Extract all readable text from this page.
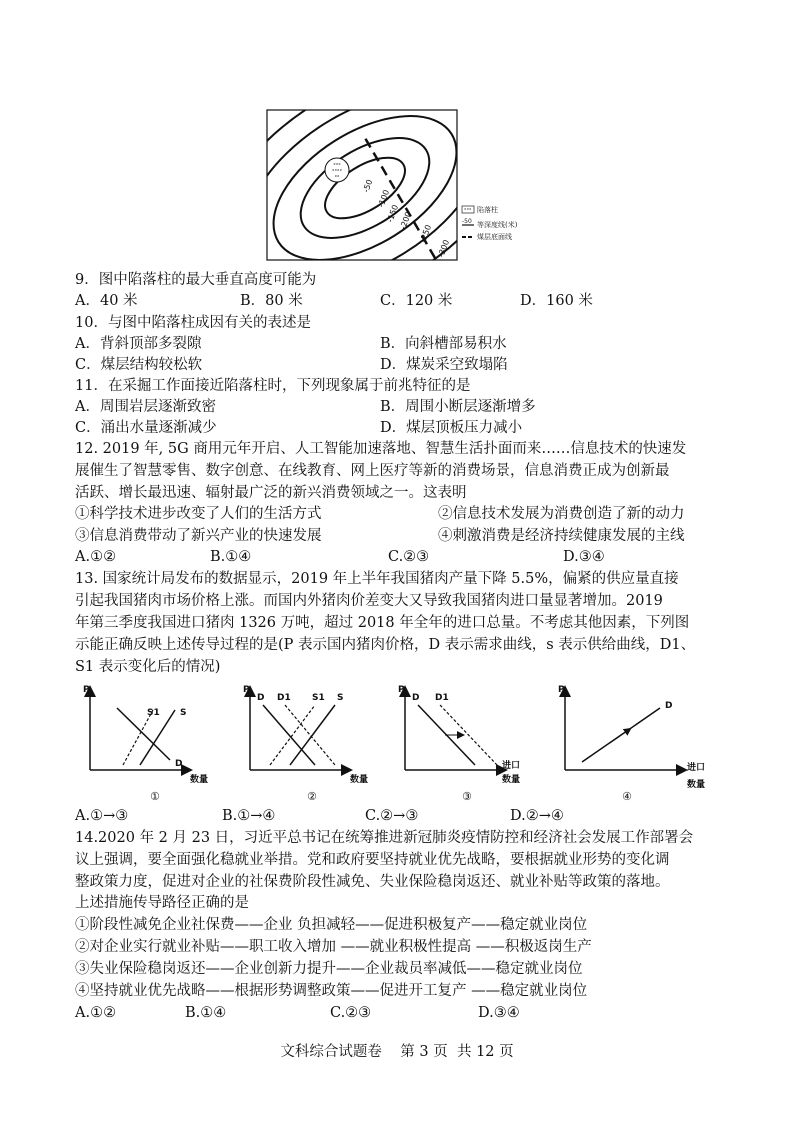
°°°
°°°°
°°
-50
-100
-150
-200
-250
-300
°°° 陷落柱
-50 等深度线(米)
煤层底面线
9．图中陷落柱的最大垂直高度可能为
A．40 米	B．80 米	C．120 米	D．160 米
10．与图中陷落柱成因有关的表述是
A．背斜顶部多裂隙	B．向斜槽部易积水
C．煤层结构较松软	D．煤炭采空致塌陷
11．在采掘工作面接近陷落柱时，下列现象属于前兆特征的是
A．周围岩层逐渐致密	B．周围小断层逐渐增多
C．涌出水量逐渐减少	D．煤层顶板压力减小
12. 2019 年, 5G 商用元年开启、人工智能加速落地、智慧生活扑面而来……信息技术的快速发
展催生了智慧零售、数字创意、在线教育、网上医疗等新的消费场景，信息消费正成为创新最
活跃、增长最迅速、辐射最广泛的新兴消费领域之一。这表明
①科学技术进步改变了人们的生活方式	②信息技术发展为消费创造了新的动力
③信息消费带动了新兴产业的快速发展	④刺激消费是经济持续健康发展的主线
A.①②	B.①④	C.②③	D.③④
13. 国家统计局发布的数据显示，2019 年上半年我国猪肉产量下降 5.5%，偏紧的供应量直接
引起我国猪肉市场价格上涨。而国内外猪肉价差变大又导致我国猪肉进口量显著增加。2019
年第三季度我国进口猪肉 1326 万吨，超过 2018 年全年的进口总量。不考虑其他因素，下列图
示能正确反映上述传导过程的是(P 表示国内猪肉价格，D 表示需求曲线，s 表示供给曲线，D1、
S1 表示变化后的情况)
P
数量
S1 S
D
①
P
数量
D D1 S1 S
②
P
进口
数量
D D1
③
P
进口
数量
D
④
A.①→③	B.①→④	C.②→③	D.②→④
14.2020 年 2 月 23 日，习近平总书记在统筹推进新冠肺炎疫情防控和经济社会发展工作部署会
议上强调，要全面强化稳就业举措。党和政府要坚持就业优先战略，要根据就业形势的变化调
整政策力度，促进对企业的社保费阶段性减免、失业保险稳岗返还、就业补贴等政策的落地。
上述措施传导路径正确的是
①阶段性减免企业社保费——企业 负担减轻——促进积极复产——稳定就业岗位
②对企业实行就业补贴——职工收入增加 ——就业积极性提高 ——积极返岗生产
③失业保险稳岗返还——企业创新力提升——企业裁员率减低——稳定就业岗位
④坚持就业优先战略——根据形势调整政策——促进开工复产 ——稳定就业岗位
A.①②	B.①④	C.②③	D.③④
文科综合试题卷    第 3 页  共 12 页
